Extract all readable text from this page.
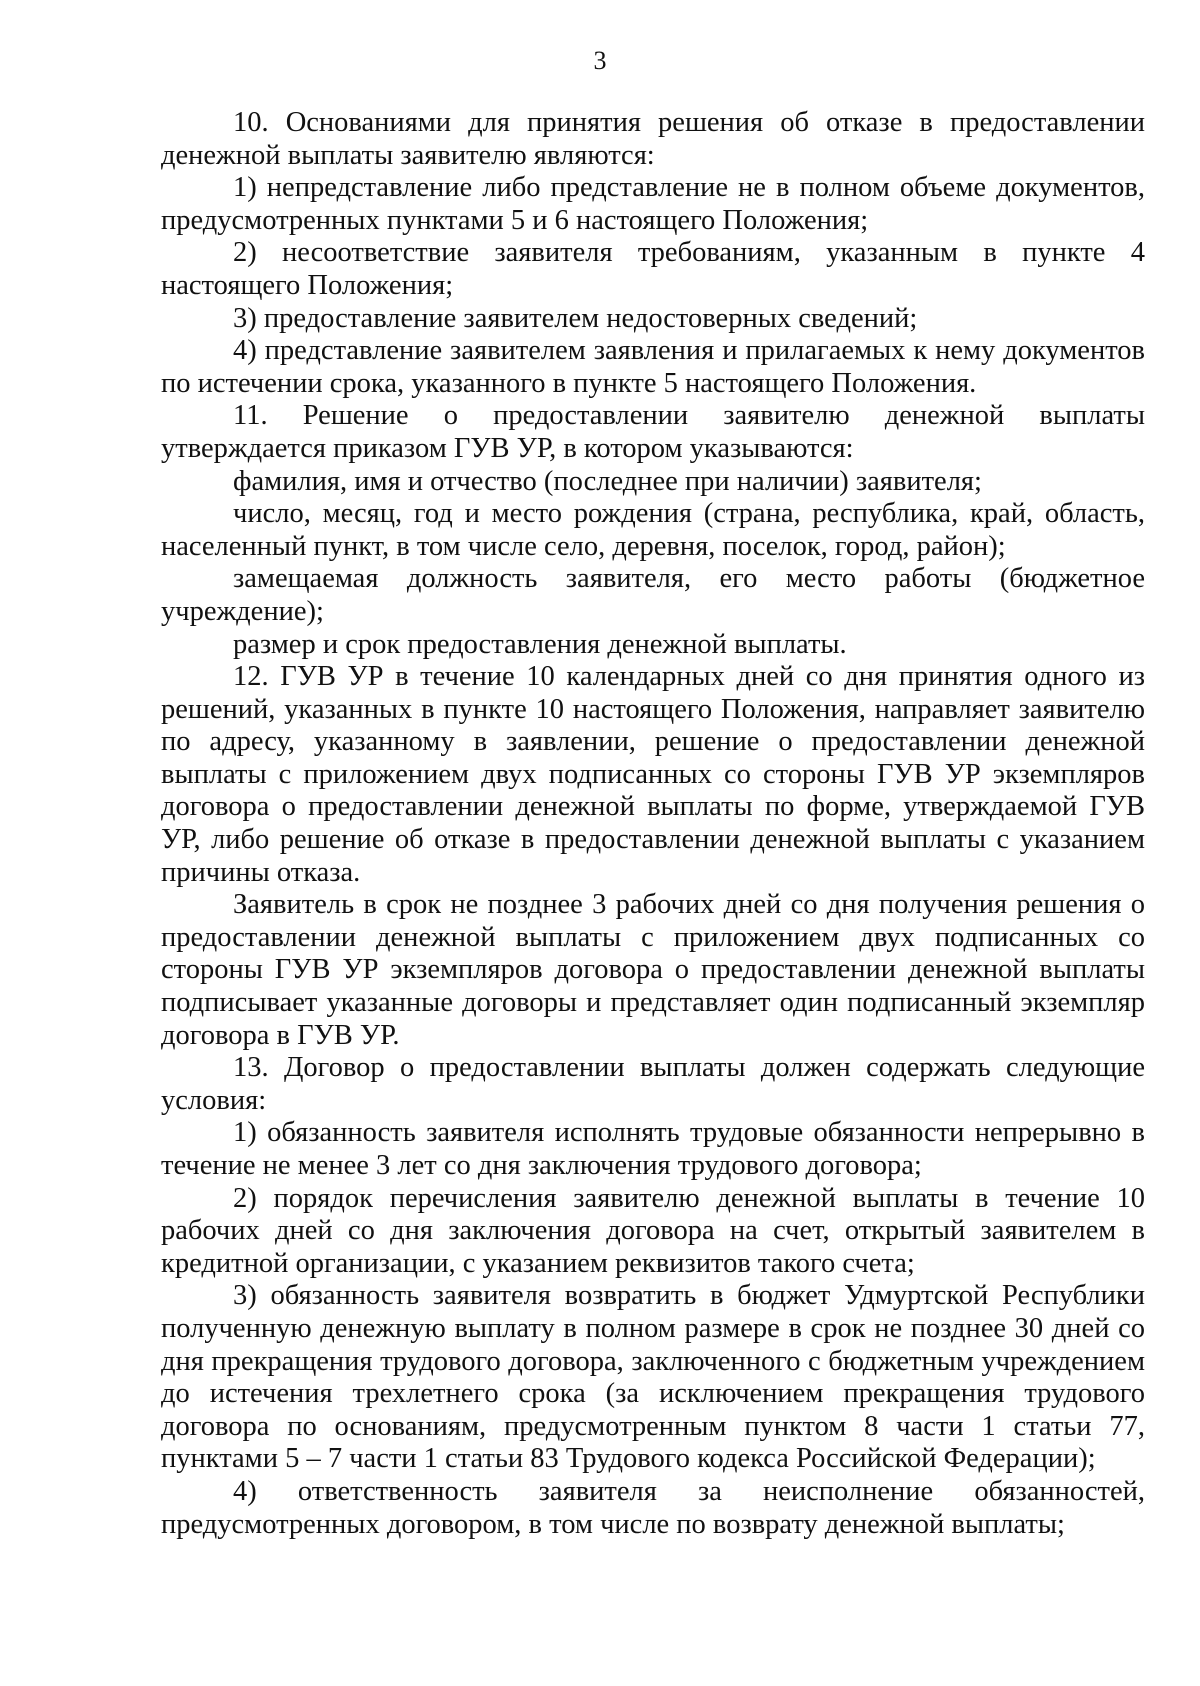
3

10. Основаниями для принятия решения об отказе в предоставлении денежной выплаты заявителю являются:

1) непредставление либо представление не в полном объеме документов, предусмотренных пунктами 5 и 6 настоящего Положения;

2) несоответствие заявителя требованиям, указанным в пункте 4 настоящего Положения;

3) предоставление заявителем недостоверных сведений;

4) представление заявителем заявления и прилагаемых к нему документов по истечении срока, указанного в пункте 5 настоящего Положения.

11. Решение о предоставлении заявителю денежной выплаты утверждается приказом ГУВ УР, в котором указываются:

фамилия, имя и отчество (последнее при наличии) заявителя;

число, месяц, год и место рождения (страна, республика, край, область, населенный пункт, в том числе село, деревня, поселок, город, район);

замещаемая должность заявителя, его место работы (бюджетное учреждение);

размер и срок предоставления денежной выплаты.

12. ГУВ УР в течение 10 календарных дней со дня принятия одного из решений, указанных в пункте 10 настоящего Положения, направляет заявителю по адресу, указанному в заявлении, решение о предоставлении денежной выплаты с приложением двух подписанных со стороны ГУВ УР экземпляров договора о предоставлении денежной выплаты по форме, утверждаемой ГУВ УР, либо решение об отказе в предоставлении денежной выплаты с указанием причины отказа.

Заявитель в срок не позднее 3 рабочих дней со дня получения решения о предоставлении денежной выплаты с приложением двух подписанных со стороны ГУВ УР экземпляров договора о предоставлении денежной выплаты подписывает указанные договоры и представляет один подписанный экземпляр договора в ГУВ УР.

13. Договор о предоставлении выплаты должен содержать следующие условия:

1) обязанность заявителя исполнять трудовые обязанности непрерывно в течение не менее 3 лет со дня заключения трудового договора;

2) порядок перечисления заявителю денежной выплаты в течение 10 рабочих дней со дня заключения договора на счет, открытый заявителем в кредитной организации, с указанием реквизитов такого счета;

3) обязанность заявителя возвратить в бюджет Удмуртской Республики полученную денежную выплату в полном размере в срок не позднее 30 дней со дня прекращения трудового договора, заключенного с бюджетным учреждением до истечения трехлетнего срока (за исключением прекращения трудового договора по основаниям, предусмотренным пунктом 8 части 1 статьи 77, пунктами 5 – 7 части 1 статьи 83 Трудового кодекса Российской Федерации);

4) ответственность заявителя за неисполнение обязанностей, предусмотренных договором, в том числе по возврату денежной выплаты;
